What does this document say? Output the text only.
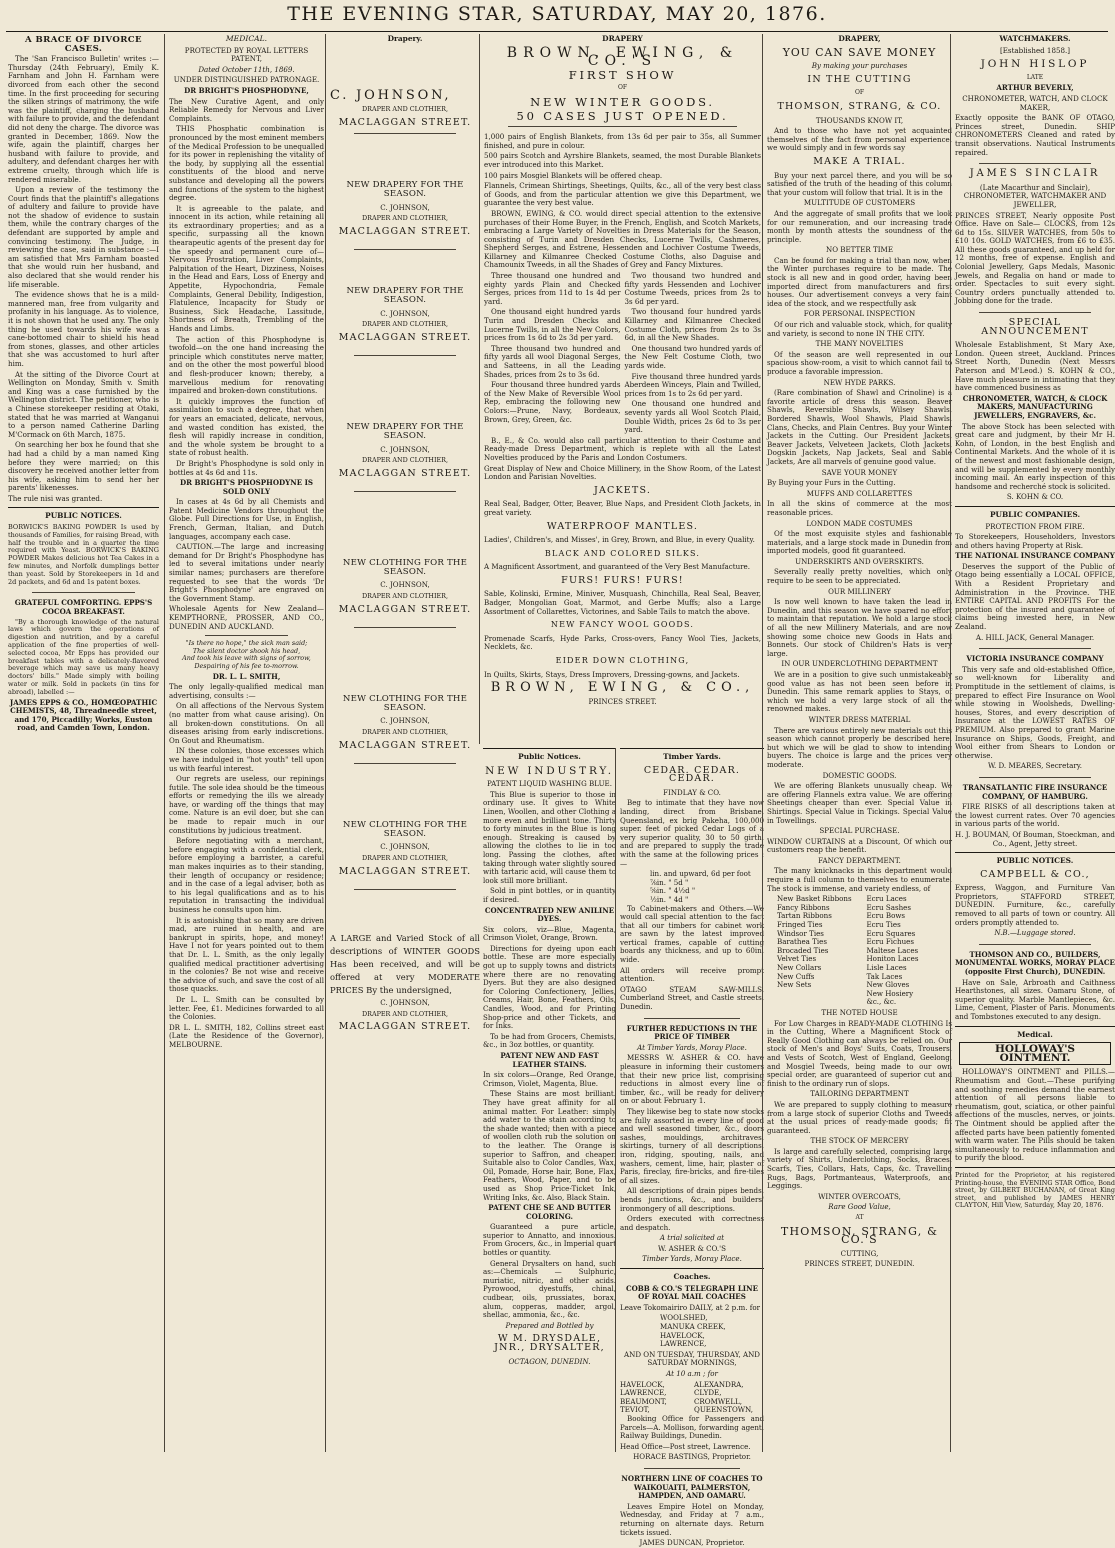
THE EVENING STAR, SATURDAY, MAY 20, 1876.
A BRACE OF DIVORCE CASES.

The 'San Francisco Bulletin' writes :— Thursday (24th February), Emily K. Farnham and John H. Farnham were divorced from each other the second time. In the first proceeding for securing the silken strings of matrimony, the wife was the plaintiff, charging the husband with failure to provide, and the defendant did not deny the charge. The divorce was granted in December, 1869. Now the wife, again the plaintiff, charges her husband with failure to provide, and adultery, and defendant charges her with extreme cruelty, through which life is rendered miserable.

Upon a review of the testimony the Court finds that the plaintiff's allegations of adultery and failure to provide have not the shadow of evidence to sustain them, while the contrary charges of the defendant are supported by ample and convincing testimony. The Judge, in reviewing the case, said in substance :—I am satisfied that Mrs Farnham boasted that she would ruin her husband, and also declared that she would render his life miserable.

The evidence shows that he is a mild-mannered man, free from vulgarity and profanity in his language. As to violence, it is not shown that he used any. The only thing he used towards his wife was a cane-bottomed chair to shield his head from stones, glasses, and other articles that she was accustomed to hurl after him.

At the sitting of the Divorce Court at Wellington on Monday, Smith v. Smith and King was a case furnished by the Wellington district. The petitioner, who is a Chinese storekeeper residing at Otaki, stated that he was married at Wanganui to a person named Catherine Darling M'Cormack on 6th March, 1875.

On searching her box he found that she had had a child by a man named King before they were married; on this discovery he received another letter from his wife, asking him to send her her parents' likenesses.

The rule nisi was granted.

PUBLIC NOTICES.

BORWICK'S BAKING POWDER Is used by thousands of Families, for raising Bread, with half the trouble and in a quarter the time required with Yeast. BORWICK'S BAKING POWDER Makes delicious hot Tea Cakes in a few minutes, and Norfolk dumplings better than yeast. Sold by Storekeepers in 1d and 2d packets, and 6d and 1s patent boxes.

GRATEFUL COMFORTING. EPPS'S COCOA BREAKFAST.

"By a thorough knowledge of the natural laws which govern the operations of digestion and nutrition, and by a careful application of the fine properties of well-selected cocoa, Mr Epps has provided our breakfast tables with a delicately-flavored beverage which may save us many heavy doctors' bills." Made simply with boiling water or milk. Sold in packets (in tins for abroad), labelled :—

JAMES EPPS & CO., HOMŒOPATHIC CHEMISTS, 48, Threadneedle street, and 170, Piccadilly; Works, Euston road, and Camden Town, London.
MEDICAL.
PROTECTED BY ROYAL LETTERS PATENT,
Dated October 11th, 1869.
UNDER DISTINGUISHED PATRONAGE.
DR BRIGHT'S PHOSPHODYNE,

The New Curative Agent, and only Reliable Remedy for Nervous and Liver Complaints.

THIS Phosphatic combination is pronounced by the most eminent members of the Medical Profession to be unequalled for its power in replenishing the vitality of the body, by supplying all the essential constituents of the blood and nerve substance and developing all the powers and functions of the system to the highest degree.

It is agreeable to the palate, and innocent in its action, while retaining all its extraordinary properties; and as a specific, surpassing all the known thearapeutic agents of the present day for the speedy and permanent cure of—Nervous Prostration, Liver Complaints, Palpitation of the Heart, Dizziness, Noises in the Head and Ears, Loss of Energy and Appetite, Hypochondria, Female Complaints, General Debility, Indigestion, Flatulence, Incapacity for Study or Business, Sick Headache, Lassitude, Shortness of Breath, Trembling of the Hands and Limbs.

The action of this Phosphodyne is twofold—on the one hand increasing the principle which constitutes nerve matter, and on the other the most powerful blood and flesh-producer known; thereby, a marvellous medium for renovating impaired and broken-down constitutions.

It quickly improves the function of assimilation to such a degree, that when for years an emaciated, delicate, nervous, and wasted condition has existed, the flesh will rapidly increase in condition, and the whole system be brought to a state of robust health.

Dr Bright's Phosphodyne is sold only in bottles at 4s 6d and 11s.

DR BRIGHT'S PHOSPHODYNE IS SOLD ONLY

In cases at 4s 6d by all Chemists and Patent Medicine Vendors throughout the Globe. Full Directions for Use, in English, French, German, Italian, and Dutch languages, accompany each case.

CAUTION.—The large and increasing demand for Dr Bright's Phosphodyne has led to several imitations under nearly similar names; purchasers are therefore requested to see that the words 'Dr Bright's Phosphodyne' are engraved on the Government Stamp.

Wholesale Agents for New Zealand—KEMPTHORNE, PROSSER, AND CO., DUNEDIN AND AUCKLAND.

"Is there no hope," the sick man said;
The silent doctor shook his head,
And took his leave with signs of sorrow,
Despairing of his fee to-morrow.
DR. L. L. SMITH,

The only legally-qualified medical man advertising, consults :—

On all affections of the Nervous System (no matter from what cause arising). On all broken-down constitutions. On all diseases arising from early indiscretions. On Gout and Rheumatism.

IN these colonies, those excesses which we have indulged in "hot youth" tell upon us with fearful interest.

Our regrets are useless, our repinings futile. The sole idea should be the timeous efforts or remedying the ills we already have, or warding off the things that may come. Nature is an evil doer, but she can be made to repair much in our constitutions by judicious treatment.

Before negotiating with a merchant, before engaging with a confidential clerk, before employing a barrister, a careful man makes inquiries as to their standing, their length of occupancy or residence; and in the case of a legal adviser, both as to his legal qualifications and as to his reputation in transacting the individual business he consults upon him.

It is astonishing that so many are driven mad, are ruined in health, and are bankrupt in spirits, hope, and money! Have I not for years pointed out to them that Dr. L. L. Smith, as the only legally qualified medical practitioner advertising in the colonies? Be not wise and receive the advice of such, and save the cost of all those quacks.

Dr L. L. Smith can be consulted by letter. Fee, £1. Medicines forwarded to all the Colonies.

DR L. L. SMITH, 182, Collins street east (Late the Residence of the Governor), MELBOURNE.

Drapery.
C. JOHNSON,
DRAPER AND CLOTHIER,
MACLAGGAN STREET.
NEW DRAPERY FOR THE SEASON.
C. JOHNSON,
DRAPER AND CLOTHIER,
MACLAGGAN STREET.
NEW DRAPERY FOR THE SEASON.
C. JOHNSON,
DRAPER AND CLOTHIER,
MACLAGGAN STREET.
NEW DRAPERY FOR THE SEASON.
C. JOHNSON,
DRAPER AND CLOTHIER,
MACLAGGAN STREET.
NEW CLOTHING FOR THE SEASON.
C. JOHNSON,
DRAPER AND CLOTHIER,
MACLAGGAN STREET.
NEW CLOTHING FOR THE SEASON.
C. JOHNSON,
DRAPER AND CLOTHIER,
MACLAGGAN STREET.
NEW CLOTHING FOR THE SEASON.
C. JOHNSON,
DRAPER AND CLOTHIER,
MACLAGGAN STREET.

A LARGE and Varied Stock of all descriptions of WINTER GOODS Has been received, and will be offered at very MODERATE PRICES By the undersigned,

C. JOHNSON,
DRAPER AND CLOTHIER,
MACLAGGAN STREET.
DRAPERY
BROWN, EWING, & CO.'S
FIRST SHOW
OF
NEW WINTER GOODS.
50 CASES JUST OPENED.

1,000 pairs of English Blankets, from 13s 6d per pair to 35s, all Summer finished, and pure in colour.

500 pairs Scotch and Ayrshire Blankets, seamed, the most Durable Blankets ever introduced into this Market.

100 pairs Mosgiel Blankets will be offered cheap.

Flannels, Crimean Shirtings, Sheetings, Quilts, &c., all of the very best class of Goods, and from the particular attention we give this Department, we guarantee the very best value.

BROWN, EWING, & CO. would direct special attention to the extensive purchases of their Home Buyer, in the French, English, and Scotch Markets, embracing a Large Variety of Novelties in Dress Materials for the Season, consisting of Turin and Dresden Checks, Lucerne Twills, Cashmeres, Shepherd Serges, and Estrene, Hessenden and Lochiver Costume Tweeds, Killarney and Kilmanree Checked Costume Cloths, also Daguise and Chamounix Tweeds, in all the Shades of Grey and Fancy Mixtures.

Three thousand one hundred and eighty yards Plain and Checked Serges, prices from 11d to 1s 4d per yard.

One thousand eight hundred yards Turin and Dresden Checks and Lucerne Twills, in all the New Colors, prices from 1s 6d to 2s 3d per yard.

Three thousand two hundred and fifty yards all wool Diagonal Serges, and Satteens, in all the Leading Shades, prices from 2s to 3s 6d.

Four thousand three hundred yards of the New Make of Reversible Wool Rep, embracing the following new Colors:—Prune, Navy, Bordeaux, Brown, Grey, Green, &c.

Two thousand two hundred and fifty yards Hessenden and Lochiver Costume Tweeds, prices from 2s to 3s 6d per yard.

Two thousand four hundred yards Killarney and Kilmanree Checked Costume Cloth, prices from 2s to 3s 6d, in all the New Shades.

One thousand two hundred yards of the New Felt Costume Cloth, two yards wide.

Five thousand three hundred yards Aberdeen Winceys, Plain and Twilled, prices from 1s to 2s 6d per yard.

One thousand one hundred and seventy yards all Wool Scotch Plaid, Double Width, prices 2s 6d to 3s per yard.

B., E., & Co. would also call particular attention to their Costume and Ready-made Dress Department, which is replete with all the Latest Novelties produced by the Paris and London Costumers.

Great Display of New and Choice Millinery, in the Show Room, of the Latest London and Parisian Novelties.

JACKETS.

Real Seal, Badger, Otter, Beaver, Blue Naps, and President Cloth Jackets, in great variety.

WATERPROOF MANTLES.

Ladies', Children's, and Misses', in Grey, Brown, and Blue, in every Quality.

BLACK AND COLORED SILKS.

A Magnificent Assortment, and guaranteed of the Very Best Manufacture.

FURS! FURS! FURS!

Sable, Kolinski, Ermine, Miniver, Musquash, Chinchilla, Real Seal, Beaver, Badger, Mongolian Goat, Marmot, and Gerbe Muffs; also a Large Assortment of Collarettes, Victorines, and Sable Tails to match the above.

NEW FANCY WOOL GOODS.

Promenade Scarfs, Hyde Parks, Cross-overs, Fancy Wool Ties, Jackets, Necklets, &c.

EIDER DOWN CLOTHING,

In Quilts, Skirts, Stays, Dress Improvers, Dressing-gowns, and Jackets.

BROWN, EWING, & CO.,
PRINCES STREET.
Public Notices.
NEW INDUSTRY.
PATENT LIQUID WASHING BLUE.

This Blue is superior to those in ordinary use. It gives to White Linen, Woollen, and other Clothing a more even and brilliant tone. Thirty to forty minutes in the Blue is long enough. Streaking is caused by allowing the clothes to lie in too long. Passing the clothes, after taking through water slightly soured with tartaric acid, will cause them to look still more brilliant.

Sold in pint bottles, or in quantity if desired.

CONCENTRATED NEW ANILINE DYES.

Six colors, viz—Blue, Magenta, Crimson Violet, Orange, Brown.

Directions for dyeing upon each bottle. These are more especially got up to supply towns and districts where there are no renovating Dyers. But they are also designed for Coloring Confectionery, Jellies, Creams, Hair, Bone, Feathers, Oils, Candles, Wood, and for Printing Shop-price and other Tickets, and for Inks.

To be had from Grocers, Chemists, &c., in 3oz bottles, or quantity.

PATENT NEW AND FAST LEATHER STAINS.

In six colors—Orange, Red Orange, Crimson, Violet, Magenta, Blue.

These Stains are most brilliant. They have great affinity for all animal matter. For Leather: simply add water to the stain according to the shade wanted; then with a piece of woollen cloth rub the solution on to the leather. The Orange is superior to Saffron, and cheaper. Suitable also to Color Candles, Wax, Oil, Pomade, Horse hair, Bone, Flax, Feathers, Wood, Paper, and to be used as Shop Price-Ticket Ink, Writing Inks, &c. Also, Black Stain.

PATENT CHE SE AND BUTTER COLORING.

Guaranteed a pure article, superior to Annatto, and innoxious. From Grocers, &c., in Imperial quart bottles or quantity.

General Drysalters on hand, such as:—Chemicals — Sulphuric, muriatic, nitric, and other acids. Pyrowood, dyestuffs, chinal, cudbear, oils, prussiates, borax, alum, copperas, madder, argol, shellac, ammonia, &c., &c.

Prepared and Bottled by
W M. DRYSDALE, JNR., DRYSALTER,
OCTAGON, DUNEDIN.
Timber Yards.
CEDAR. CEDAR. CEDAR.
FINDLAY & CO.

Beg to intimate that they have now landing, direct from Brisbane, Queensland, ex brig Pakeha, 100,000 super. feet of picked Cedar Logs of a very superior quality, 30 to 50 girth, and are prepared to supply the trade with the same at the following prices :—

lin. and upward, 6d per foot
⅞in. " 5d "
⅝in. " 4½d "
½in. " 4d "

To Cabinet-makers and Others.—We would call special attention to the fact that all our timbers for cabinet work are sawn by the latest improved vertical frames, capable of cutting boards any thickness, and up to 60in. wide.

All orders will receive prompt attention.

OTAGO STEAM SAW-MILLS, Cumberland Street, and Castle streets, Dunedin.

FURTHER REDUCTIONS IN THE PRICE OF TIMBER
At Timber Yards, Moray Place.

MESSRS W. ASHER & CO. have pleasure in informing their customers that their new price list, comprising reductions in almost every line of timber, &c., will be ready for delivery on or about February 1.

They likewise beg to state now stocks are fully assorted in every line of good and well seasoned timber, &c., doors sashes, mouldings, architraves, skirtings, turnery of all descriptions, iron, ridging, spouting, nails, and washers, cement, lime, hair, plaster of Paris, fireclay, fire-bricks, and fire-tiles of all sizes.

All descriptions of drain pipes bends, bends junctions, &c., and builders' ironmongery of all descriptions.

Orders executed with correctness and despatch.

A trial solicited at
W. ASHER & CO.'S
Timber Yards, Moray Place.
Coaches.
COBB & CO.'S TELEGRAPH LINE OF ROYAL MAIL COACHES

Leave Tokomairiro DAILY, at 2 p.m. for

WOOLSHED,
MANUKA CREEK,
HAVELOCK,
LAWRENCE,
AND ON TUESDAY, THURSDAY, AND SATURDAY MORNINGS,
At 10 a.m ; for
HAVELOCK,
LAWRENCE,
BEAUMONT,
TEVIOT,
ALEXANDRA,
CLYDE,
CROMWELL,
QUEENSTOWN,

Booking Office for Passengers and Parcels—A. Mollison, forwarding agent, Railway Buildings, Dunedin.

Head Office—Post street, Lawrence.

HORACE BASTINGS, Proprietor.
NORTHERN LINE OF COACHES TO WAIKOUAITI, PALMERSTON, HAMPDEN, AND OAMARU.

Leaves Empire Hotel on Monday, Wednesday, and Friday at 7 a.m., returning on alternate days. Return tickets issued.

JAMES DUNCAN, Proprietor.
DRAPERY,
YOU CAN SAVE MONEY
By making your purchases
IN THE CUTTING
OF
THOMSON, STRANG, & CO.
THOUSANDS KNOW IT,

And to those who have not yet acquainted themselves of the fact from personal experience, we would simply and in few words say

MAKE A TRIAL.

Buy your next parcel there, and you will be so satisfied of the truth of the heading of this column that your custom will follow that trial. It is in the

MULTITUDE OF CUSTOMERS

And the aggregate of small profits that we look for our remuneration, and our increasing trade month by month attests the soundness of the principle.

NO BETTER TIME

Can be found for making a trial than now, when the Winter purchases require to be made. The stock is all new and in good order, having been imported direct from manufacturers and first houses. Our advertisement conveys a very faint idea of the stock, and we respectfully ask

FOR PERSONAL INSPECTION

Of our rich and valuable stock, which, for quality and variety, is second to none IN THE CITY.

THE MANY NOVELTIES

Of the season are well represented in our spacious show-room, a visit to which cannot fail to produce a favorable impression.

NEW HYDE PARKS.

(Rare combination of Shawl and Crinoline) is a favorite article of dress this season. Beaver Shawls, Reversible Shawls, Wilsey Shawls, Bordered Shawls, Wool Shawls, Plaid Shawls, Clans, Checks, and Plain Centres. Buy your Winter Jackets in the Cutting. Our President Jackets, Beaver Jackets, Velveteen Jackets, Cloth Jackets, Dogskin Jackets, Nap Jackets, Seal and Sable Jackets, Are all marvels of genuine good value.

SAVE YOUR MONEY

By Buying your Furs in the Cutting.

MUFFS AND COLLARETTES

In all the skins of commerce at the most reasonable prices.

LONDON MADE COSTUMES

Of the most exquisite styles and fashionable materials, and a large stock made in Dunedin from imported models, good fit guaranteed.

UNDERSKIRTS AND OVERSKIRTS.

Severally really pretty novelties, which only require to be seen to be appreciated.

OUR MILLINERY

Is now well known to have taken the lead in Dunedin, and this season we have spared no effort to maintain that reputation. We hold a large stock of all the new Millinery Materials, and are now showing some choice new Goods in Hats and Bonnets. Our stock of Children's Hats is very large.

IN OUR UNDERCLOTHING DEPARTMENT

We are in a position to give such unmistakeably good value as has not been seen before in Dunedin. This same remark applies to Stays, of which we hold a very large stock of all the renowned makes.

WINTER DRESS MATERIAL

There are various entirely new materials out this season which cannot properly be described here, but which we will be glad to show to intending buyers. The choice is large and the prices very moderate.

DOMESTIC GOODS.

We are offering Blankets unusually cheap. We are offering Flannels extra value. We are offering Sheetings cheaper than ever. Special Value in Shirtings. Special Value in Tickings. Special Value in Towellings.

SPECIAL PURCHASE.

WINDOW CURTAINS at a Discount, Of which our customers reap the benefit.

FANCY DEPARTMENT.

The many knicknacks in this department would require a full column to themselves to enumerate. The stock is immense, and variety endless, of

New Basket Ribbons
Fancy Ribbons
Tartan Ribbons
Fringed Ties
Windsor Ties
Barathea Ties
Brocaded Ties
Velvet Ties
New Collars
New Cuffs
New Sets
Ecru Laces
Ecru Sashes
Ecru Bows
Ecru Ties
Ecru Squares
Ecru Fichues
Maltese Laces
Honiton Laces
Lisle Laces
Tak Laces
New Gloves
New Hosiery
&c., &c.
THE NOTED HOUSE

For Low Charges in READY-MADE CLOTHING Is in the Cutting, Where a Magnificent Stock of Really Good Clothing can always be relied on. Our stock of Men's and Boys' Suits, Coats, Trousers, and Vests of Scotch, West of England, Geelong, and Mosgiel Tweeds, being made to our own special order, are guaranteed of superior cut and finish to the ordinary run of slops.

TAILORING DEPARTMENT

We are prepared to supply clothing to measure from a large stock of superior Cloths and Tweeds at the usual prices of ready-made goods; fit guaranteed.

THE STOCK OF MERCERY

Is large and carefully selected, comprising large variety of Shirts, Underclothing, Socks, Braces, Scarfs, Ties, Collars, Hats, Caps, &c. Travelling Rugs, Bags, Portmanteaus, Waterproofs, and Leggings.

WINTER OVERCOATS,
Rare Good Value,
AT
THOMSON, STRANG, & CO.'S
CUTTING,
PRINCES STREET, DUNEDIN.
WATCHMAKERS.
[Established 1858.]
JOHN HISLOP
LATE
ARTHUR BEVERLY,
CHRONOMETER, WATCH, AND CLOCK MAKER,

Exactly opposite the BANK OF OTAGO, Princes street, Dunedin. SHIP CHRONOMETERS Cleaned and rated by transit observations. Nautical Instruments repaired.

JAMES SINCLAIR
(Late Macarthur and Sinclair), CHRONOMETER, WATCHMAKER AND JEWELLER,

PRINCES STREET, Nearly opposite Post Office. Have on Sale— CLOCKS, from 12s 6d to 15s. SILVER WATCHES, from 50s to £10 10s. GOLD WATCHES, from £6 to £35. All these goods guaranteed, and up held for 12 months, free of expense. English and Colonial Jewellery, Gaps Medals, Masonic Jewels, and Regalia on hand or made to order. Spectacles to suit every sight. Country orders punctually attended to. Jobbing done for the trade.

SPECIAL ANNOUNCEMENT

Wholesale Establishment, St Mary Axe, London. Queen street, Auckland. Princes Street North, Dunedin (Next Messrs Paterson and M'Leod.) S. KOHN & CO., Have much pleasure in intimating that they have commenced business as

CHRONOMETER, WATCH, & CLOCK MAKERS, MANUFACTURING JEWELLERS, ENGRAVERS, &c.

The above Stock has been selected with great care and judgment, by their Mr H. Kohn, of London, in the best English and Continental Markets. And the whole of it is of the newest and most fashionable design, and will be supplemented by every monthly incoming mail. An early inspection of this handsome and recherché stock is solicited.

S. KOHN & CO.
PUBLIC COMPANIES.
PROTECTION FROM FIRE.

To Storekeepers, Householders, Investors and others having Property at Risk.

THE NATIONAL INSURANCE COMPANY

Deserves the support of the Public of Otago being essentially a LOCAL OFFICE, With a Resident Proprietary and Administration in the Province. THE ENTIRE CAPITAL AND PROFITS For the protection of the insured and guarantee of claims being invested here, in New Zealand.

A. HILL JACK, General Manager.
VICTORIA INSURANCE COMPANY

This very safe and old-established Office, so well-known for Liberality and Promptitude in the settlement of claims, is prepared to effect Fire Insurance on Wool while stowing in Woolsheds, Dwelling-houses, Stores, and every description of Insurance at the LOWEST RATES OF PREMIUM. Also prepared to grant Marine Insurance on Ships, Goods, Freight, and Wool either from Shears to London or otherwise.

W. D. MEARES, Secretary.
TRANSATLANTIC FIRE INSURANCE COMPANY, OF HAMBURG.

FIRE RISKS of all descriptions taken at the lowest current rates. Over 70 agencies in various parts of the world.

H. J. BOUMAN, Of Bouman, Stoeckman, and Co., Agent, Jetty street.
PUBLIC NOTICES.
CAMPBELL & CO.,

Express, Waggon, and Furniture Van Proprietors, STAFFORD STREET, DUNEDIN. Furniture, &c., carefully removed to all parts of town or country. All orders promptly attended to.

N.B.—Luggage stored.
THOMSON AND CO., BUILDERS, MONUMENTAL WORKS, MORAY PLACE (opposite First Church), DUNEDIN.

Have on Sale, Arbroath and Caithness Hearthstones, all sizes. Oamaru Stone, of superior quality. Marble Mantlepieces, &c. Lime, Cement, Plaster of Paris. Monuments and Tombstones executed to any design.

Medical.
HOLLOWAY'S OINTMENT.

HOLLOWAY'S OINTMENT and PILLS.—Rheumatism and Gout.—These purifying and soothing remedies demand the earnest attention of all persons liable to rheumatism, gout, sciatica, or other painful affections of the muscles, nerves, or joints. The Ointment should be applied after the affected parts have been patiently fomented with warm water. The Pills should be taken simultaneously to reduce inflammation and to purify the blood.

Printed for the Proprietor, at his registered Printing-house, the EVENING STAR Office, Bond street, by GILBERT BUCHANAN, of Great King street, and published by JAMES HENRY CLAYTON, Hill View, Saturday, May 20, 1876.
